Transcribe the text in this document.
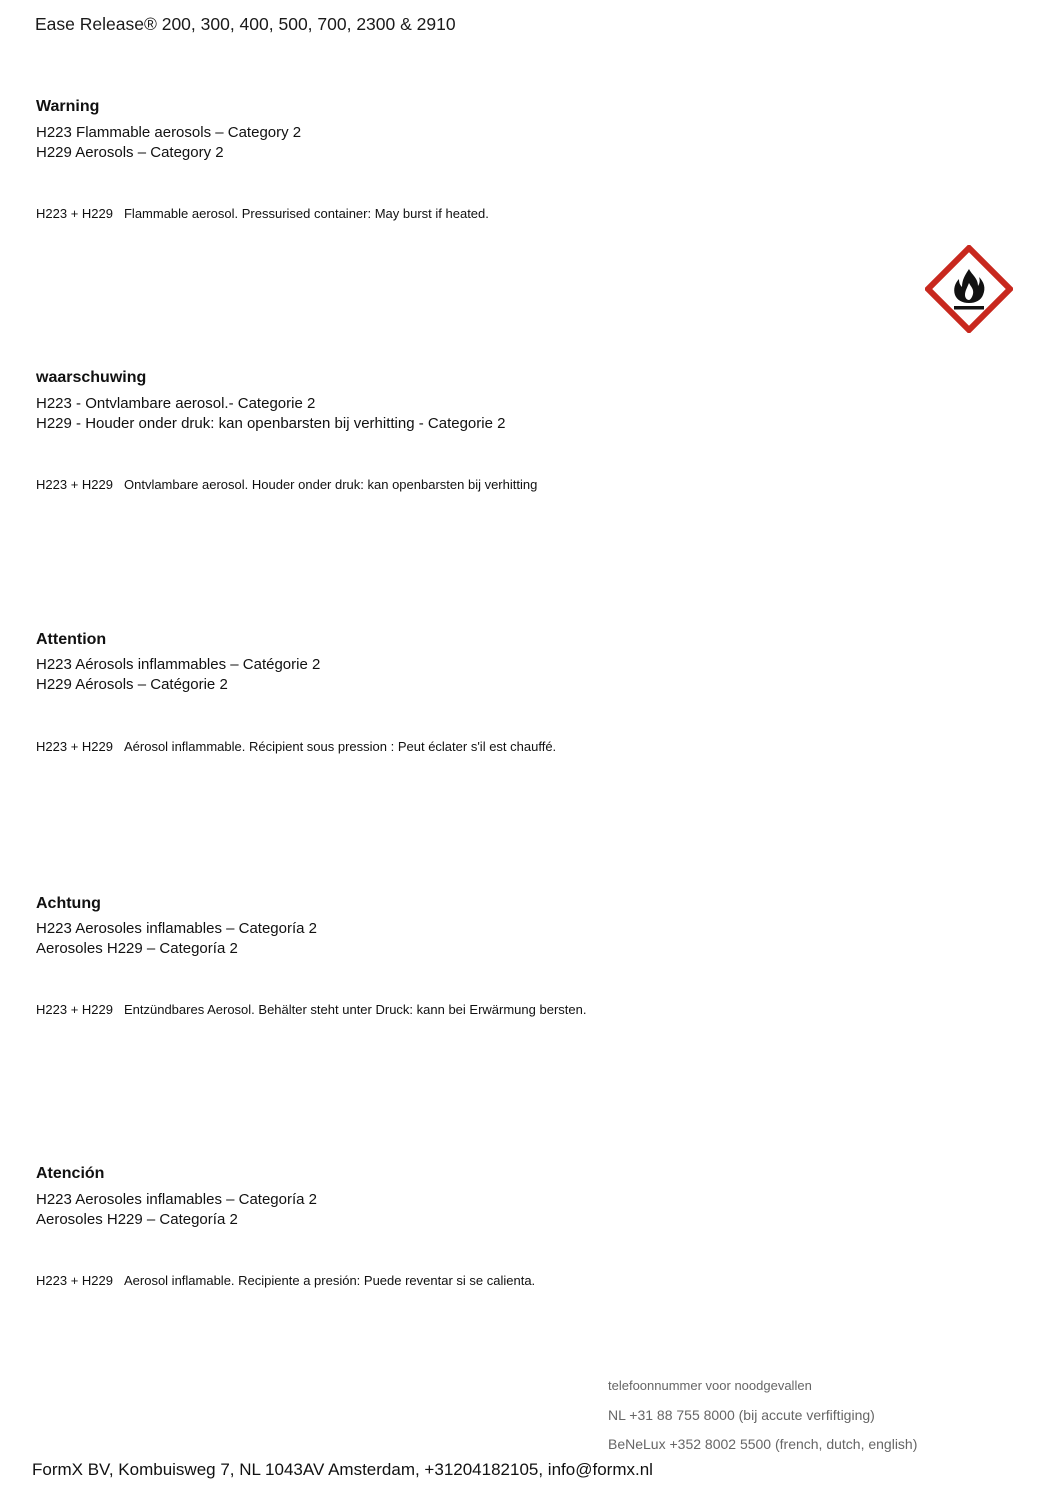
Ease Release® 200, 300, 400, 500, 700, 2300 & 2910
Warning
H223 Flammable aerosols – Category 2
H229 Aerosols – Category 2
H223 + H229 Flammable aerosol. Pressurised container: May burst if heated.
waarschuwing
H223 - Ontvlambare aerosol.- Categorie 2
H229 - Houder onder druk: kan openbarsten bij verhitting - Categorie 2
H223 + H229 Ontvlambare aerosol. Houder onder druk: kan openbarsten bij verhitting
Attention
H223 Aérosols inflammables – Catégorie 2
H229 Aérosols – Catégorie 2
H223 + H229 Aérosol inflammable. Récipient sous pression : Peut éclater s'il est chauffé.
Achtung
H223 Aerosoles inflamables – Categoría 2
Aerosoles H229 – Categoría 2
H223 + H229 Entzündbares Aerosol. Behälter steht unter Druck: kann bei Erwärmung bersten.
Atención
H223 Aerosoles inflamables – Categoría 2
Aerosoles H229 – Categoría 2
H223 + H229 Aerosol inflamable. Recipiente a presión: Puede reventar si se calienta.
telefoonnummer voor noodgevallen
NL +31 88 755 8000 (bij accute verfiftiging)
BeNeLux +352 8002 5500 (french, dutch, english)
FormX BV, Kombuisweg 7, NL 1043AV Amsterdam, +31204182105, info@formx.nl
